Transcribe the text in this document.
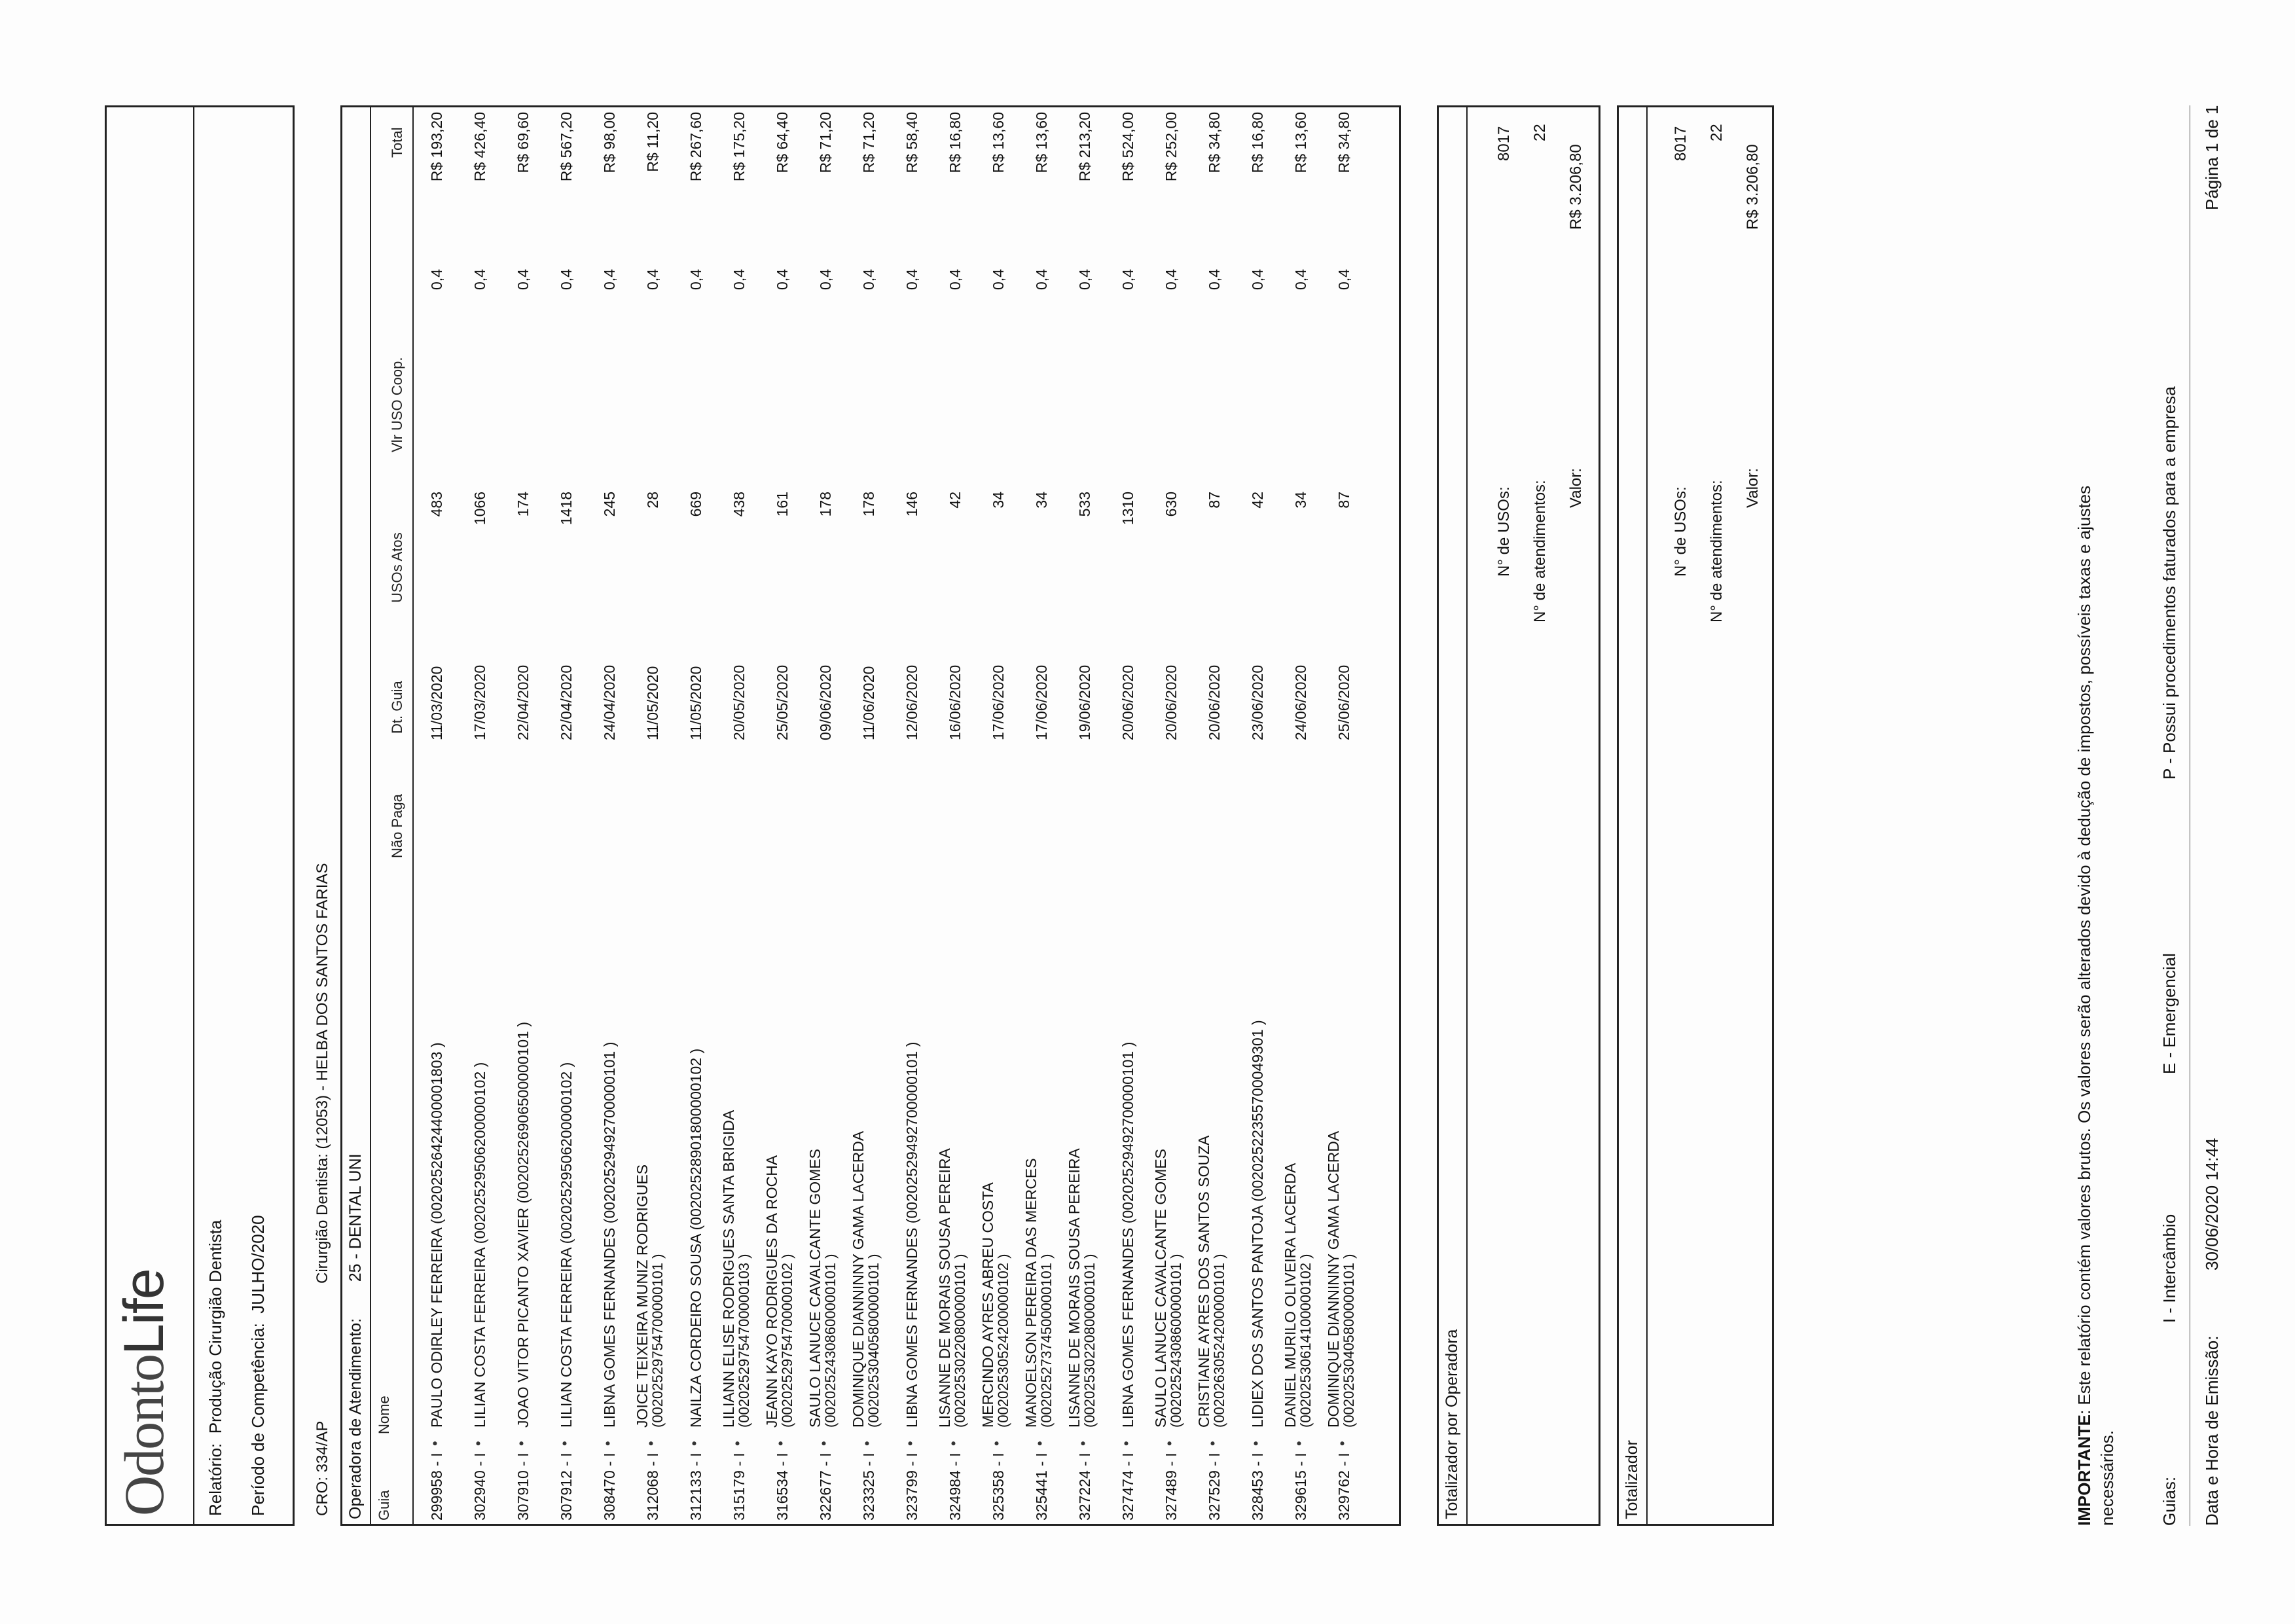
OdontoLife
Relatório:  Produção Cirurgião Dentista Período de Competência:  JULHO/2020
CRO: 334/AP
Cirurgião Dentista: (12053) - HELBA DOS SANTOS FARIAS
Operadora de Atendimento:        25 - DENTAL UNI
Guia
Nome
Não Paga
Dt. Guia
USOs Atos
Vlr USO Coop.
Total
299958 - I
PAULO ODIRLEY FERREIRA (00202526424400001803 )
11/03/2020
483
0,4
R$ 193,20
•
302940 - I
LILIAN COSTA FERREIRA (00202529506200000102 )
17/03/2020
1066
0,4
R$ 426,40
•
307910 - I
JOAO VITOR PICANTO XAVIER (00202526906500000101 )
22/04/2020
174
0,4
R$ 69,60
•
307912 - I
LILIAN COSTA FERREIRA (00202529506200000102 )
22/04/2020
1418
0,4
R$ 567,20
•
308470 - I
LIBNA GOMES FERNANDES (00202529492700000101 )
24/04/2020
245
0,4
R$ 98,00
•
312068 - I
JOICE TEIXEIRA MUNIZ RODRIGUES
11/05/2020
28
0,4
R$ 11,20
(00202529754700000101 )
•
312133 - I
NAILZA CORDEIRO SOUSA (00202528901800000102 )
11/05/2020
669
0,4
R$ 267,60
•
315179 - I
LILIANN ELISE RODRIGUES SANTA BRIGIDA
20/05/2020
438
0,4
R$ 175,20
(00202529754700000103 )
•
316534 - I
JEANN KAYO RODRIGUES DA ROCHA
25/05/2020
161
0,4
R$ 64,40
(00202529754700000102 )
•
322677 - I
SAULO LANUCE CAVALCANTE GOMES
09/06/2020
178
0,4
R$ 71,20
(00202524308600000101 )
•
323325 - I
DOMINIQUE DIANNINNY GAMA LACERDA
11/06/2020
178
0,4
R$ 71,20
(00202530405800000101 )
•
323799 - I
LIBNA GOMES FERNANDES (00202529492700000101 )
12/06/2020
146
0,4
R$ 58,40
•
324984 - I
LISANNE DE MORAIS SOUSA PEREIRA
16/06/2020
42
0,4
R$ 16,80
(00202530220800000101 )
•
325358 - I
MERCINDO AYRES ABREU COSTA
17/06/2020
34
0,4
R$ 13,60
(00202530524200000102 )
•
325441 - I
MANOELSON PEREIRA DAS MERCES
17/06/2020
34
0,4
R$ 13,60
(00202527374500000101 )
•
327224 - I
LISANNE DE MORAIS SOUSA PEREIRA
19/06/2020
533
0,4
R$ 213,20
(00202530220800000101 )
•
327474 - I
LIBNA GOMES FERNANDES (00202529492700000101 )
20/06/2020
1310
0,4
R$ 524,00
•
327489 - I
SAULO LANUCE CAVALCANTE GOMES
20/06/2020
630
0,4
R$ 252,00
(00202524308600000101 )
•
327529 - I
CRISTIANE AYRES DOS SANTOS SOUZA
20/06/2020
87
0,4
R$ 34,80
(00202630524200000101 )
•
328453 - I
LIDIEX DOS SANTOS PANTOJA (00202522355700049301 )
23/06/2020
42
0,4
R$ 16,80
•
329615 - I
DANIEL MURILO OLIVEIRA LACERDA
24/06/2020
34
0,4
R$ 13,60
(00202530614100000102 )
•
329762 - I
DOMINIQUE DIANNINNY GAMA LACERDA
25/06/2020
87
0,4
R$ 34,80
(00202530405800000101 )
•	Totalizador por Operadora
N° de USOs:
8017
N° de atendimentos:
22
Valor:
R$ 3.206,80
Totalizador
N° de USOs:
8017
N° de atendimentos:
22
Valor:
R$ 3.206,80
IMPORTANTE: Este relatório contém valores brutos. Os valores serão alterados devido à dedução de impostos, possíveis taxas e ajustes
necessários.	Guias:
I - Intercâmbio
E - Emergencial
P - Possui procedimentos faturados para a empresa
Data e Hora de Emissão:
30/06/2020 14:44
Página 1 de 1
